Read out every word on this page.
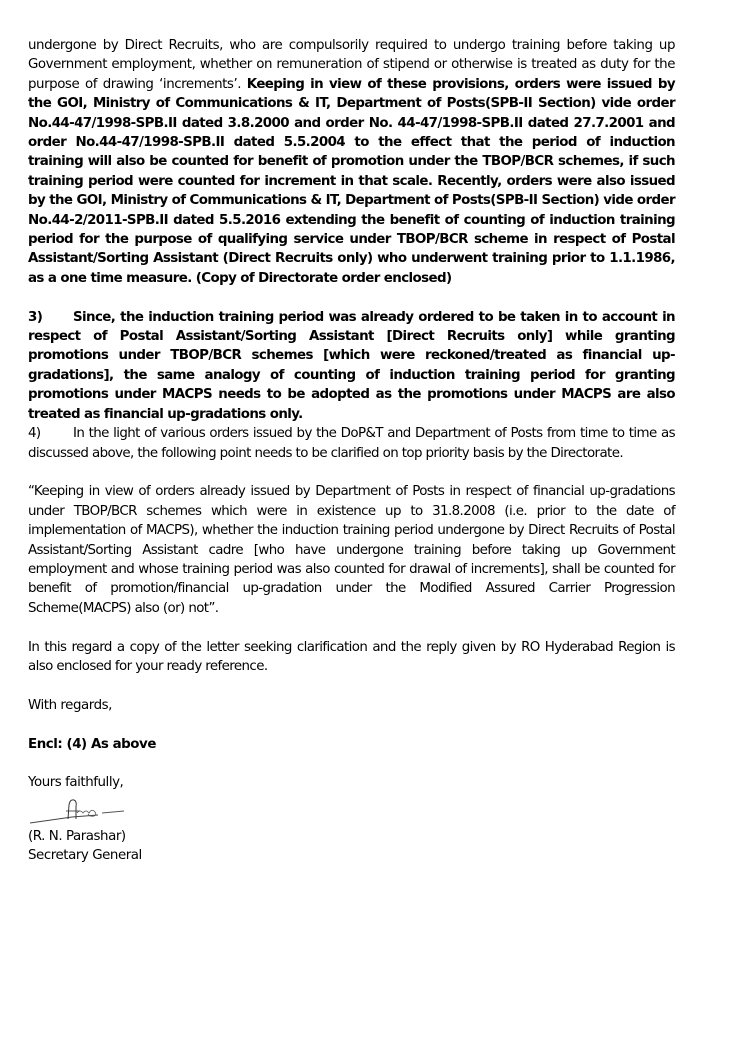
undergone by Direct Recruits, who are compulsorily required to undergo training before taking up Government employment, whether on remuneration of stipend or otherwise is treated as duty for the purpose of drawing ‘increments’. Keeping in view of these provisions, orders were issued by the GOI, Ministry of Communications & IT, Department of Posts(SPB-II Section) vide order No.44-47/1998-SPB.II dated 3.8.2000 and order No. 44-47/1998-SPB.II dated 27.7.2001 and order No.44-47/1998-SPB.II dated 5.5.2004 to the effect that the period of induction training will also be counted for benefit of promotion under the TBOP/BCR schemes, if such training period were counted for increment in that scale. Recently, orders were also issued by the GOI, Ministry of Communications & IT, Department of Posts(SPB-II Section) vide order No.44-2/2011-SPB.II dated 5.5.2016 extending the benefit of counting of induction training period for the purpose of qualifying service under TBOP/BCR scheme in respect of Postal Assistant/Sorting Assistant (Direct Recruits only) who underwent training prior to 1.1.1986, as a one time measure. (Copy of Directorate order enclosed)

3) Since, the induction training period was already ordered to be taken in to account in respect of Postal Assistant/Sorting Assistant [Direct Recruits only] while granting promotions under TBOP/BCR schemes [which were reckoned/treated as financial up-gradations], the same analogy of counting of induction training period for granting promotions under MACPS needs to be adopted as the promotions under MACPS are also treated as financial up-gradations only.

4) In the light of various orders issued by the DoP&T and Department of Posts from time to time as discussed above, the following point needs to be clarified on top priority basis by the Directorate.

“Keeping in view of orders already issued by Department of Posts in respect of financial up-gradations under TBOP/BCR schemes which were in existence up to 31.8.2008 (i.e. prior to the date of implementation of MACPS), whether the induction training period undergone by Direct Recruits of Postal Assistant/Sorting Assistant cadre [who have undergone training before taking up Government employment and whose training period was also counted for drawal of increments], shall be counted for benefit of promotion/financial up-gradation under the Modified Assured Carrier Progression Scheme(MACPS) also (or) not”.

In this regard a copy of the letter seeking clarification and the reply given by RO Hyderabad Region is also enclosed for your ready reference.

With regards,

Encl: (4) As above

Yours faithfully,

(R. N. Parashar)

Secretary General
